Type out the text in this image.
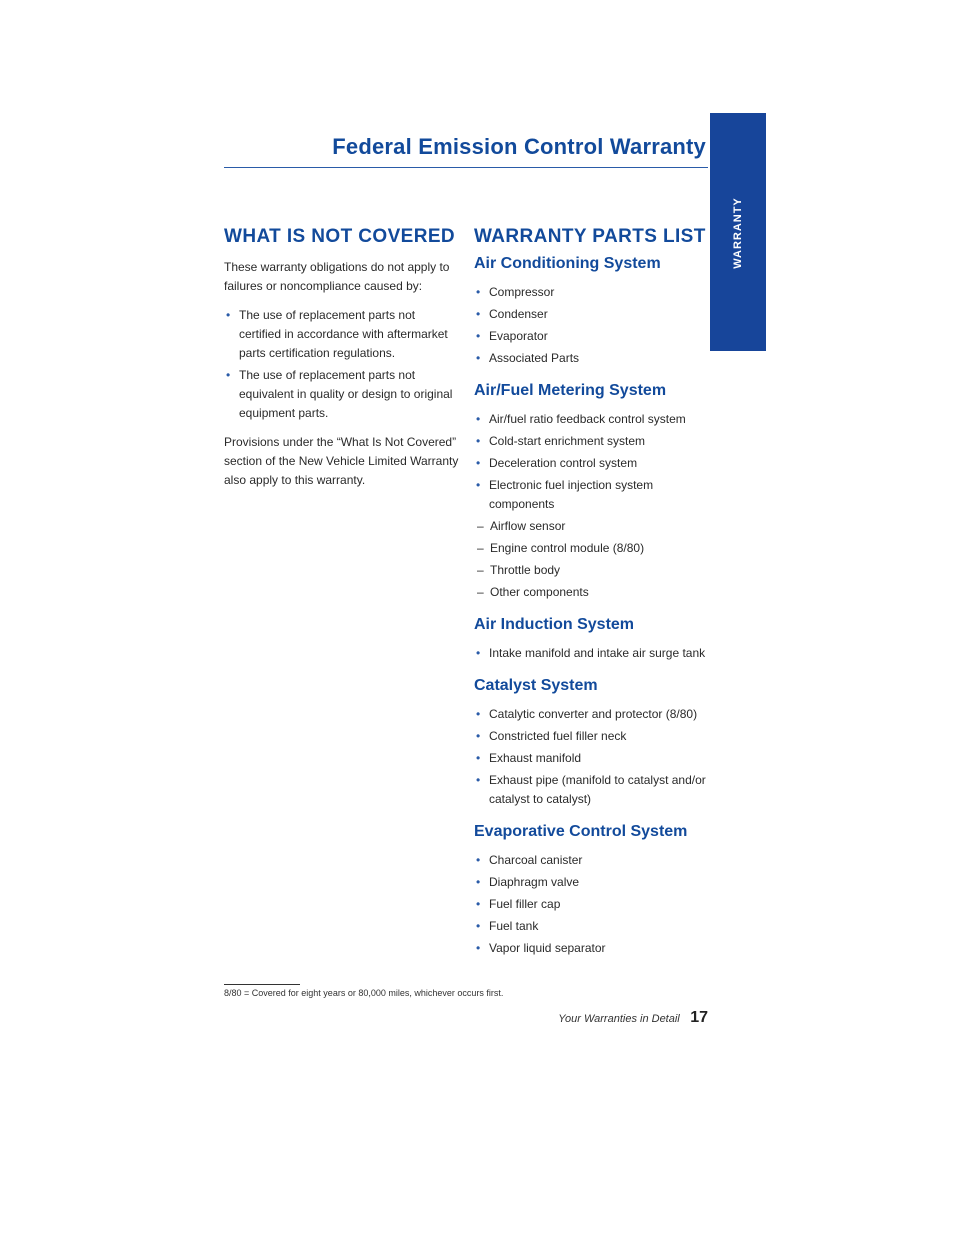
Federal Emission Control Warranty
WARRANTY
WHAT IS NOT COVERED

These warranty obligations do not apply to failures or noncompliance caused by:

• The use of replacement parts not certified in accordance with aftermarket parts certification regulations.
• The use of replacement parts not equivalent in quality or design to original equipment parts.

Provisions under the “What Is Not Covered” section of the New Vehicle Limited Warranty also apply to this warranty.

WARRANTY PARTS LIST
Air Conditioning System
• Compressor
• Condenser
• Evaporator
• Associated Parts
Air/Fuel Metering System
• Air/fuel ratio feedback control system
• Cold-start enrichment system
• Deceleration control system
• Electronic fuel injection system components
– Airflow sensor
– Engine control module (8/80)
– Throttle body
– Other components
Air Induction System
• Intake manifold and intake air surge tank
Catalyst System
• Catalytic converter and protector (8/80)
• Constricted fuel filler neck
• Exhaust manifold
• Exhaust pipe (manifold to catalyst and/or catalyst to catalyst)
Evaporative Control System
• Charcoal canister
• Diaphragm valve
• Fuel filler cap
• Fuel tank
• Vapor liquid separator
8/80 = Covered for eight years or 80,000 miles, whichever occurs first.
Your Warranties in Detail 17
